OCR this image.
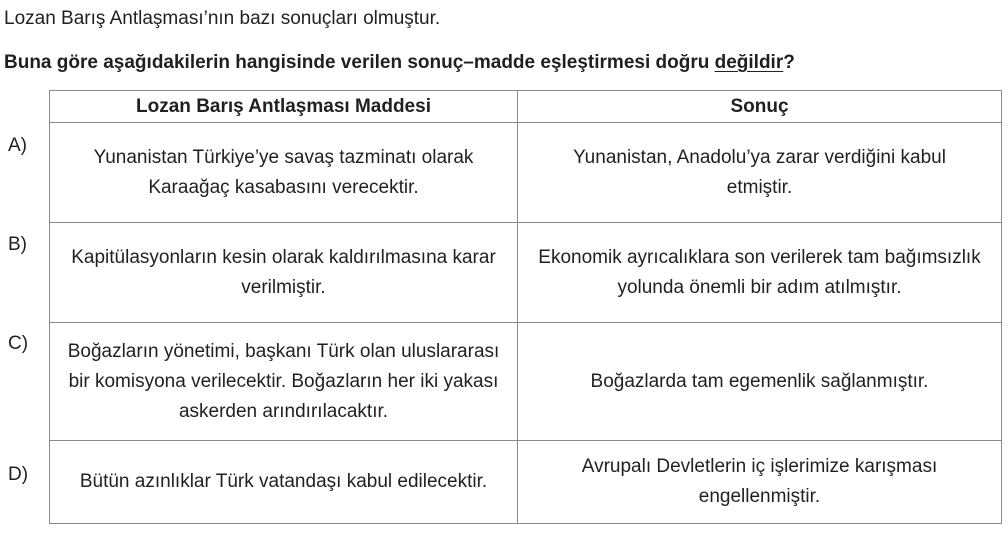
Lozan Barış Antlaşması’nın bazı sonuçları olmuştur.
Buna göre aşağıdakilerin hangisinde verilen sonuç–madde eşleştirmesi doğru değildir?
A)
B)
C)
D)
Lozan Barış Antlaşması Maddesi	Sonuç
Yunanistan Türkiye’ye savaş tazminatı olarak Karaağaç kasabasını verecektir.	Yunanistan, Anadolu’ya zarar verdiğini kabul etmiştir.
Kapitülasyonların kesin olarak kaldırılmasına karar verilmiştir.	Ekonomik ayrıcalıklara son verilerek tam bağımsızlık yolunda önemli bir adım atılmıştır.
Boğazların yönetimi, başkanı Türk olan uluslararası bir komisyona verilecektir. Boğazların her iki yakası askerden arındırılacaktır.	Boğazlarda tam egemenlik sağlanmıştır.
Bütün azınlıklar Türk vatandaşı kabul edilecektir.	Avrupalı Devletlerin iç işlerimize karışması engellenmiştir.
